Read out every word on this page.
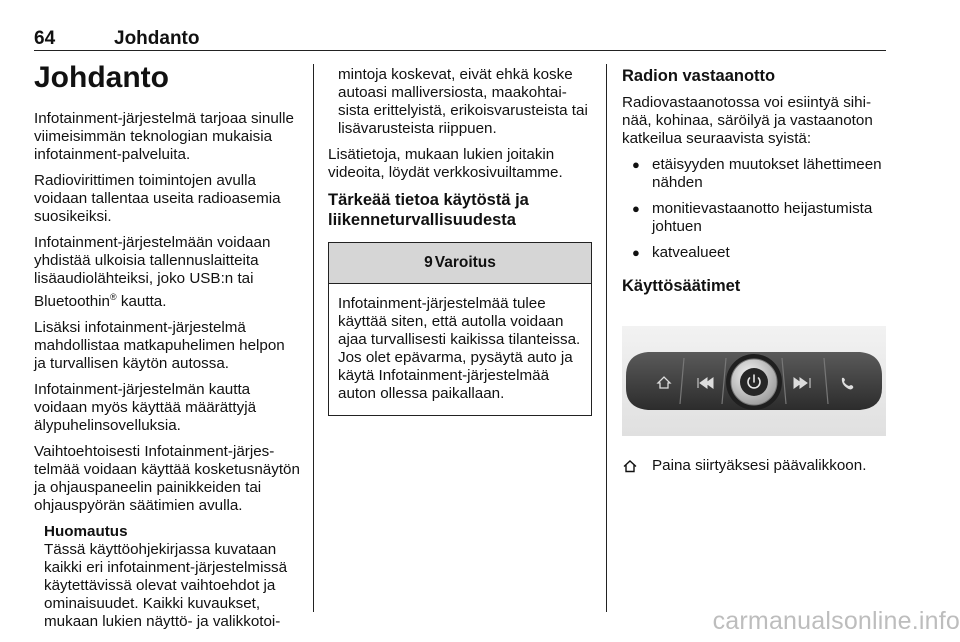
64	Johdanto
Johdanto

Infotainment-järjestelmä tarjoaa sinulle viimeisimmän teknologian mukaisia infotainment-palveluita.

Radiovirittimen toimintojen avulla voidaan tallentaa useita radioasemia suosikeiksi.

Infotainment-järjestelmään voidaan yhdistää ulkoisia tallennuslaitteita lisäaudiolähteiksi, joko USB:n tai Bluetoothin® kautta.

Lisäksi infotainment-järjestelmä mahdollistaa matkapuhelimen helpon ja turvallisen käytön autossa.

Infotainment-järjestelmän kautta voidaan myös käyttää määrättyjä älypuhelinsovelluksia.

Vaihtoehtoisesti Infotainment-järjestelmää voidaan käyttää kosketusnäytön ja ohjauspaneelin painikkeiden tai ohjauspyörän säätimien avulla.

Huomautus
Tässä käyttöohjekirjassa kuvataan kaikki eri infotainment-järjestelmissä käytettävissä olevat vaihtoehdot ja ominaisuudet. Kaikki kuvaukset, mukaan lukien näyttö- ja valikkotoi-

mintoja koskevat, eivät ehkä koske autoasi malliversiosta, maakohtaisista erittelyistä, erikoisvarusteista tai lisävarusteista riippuen.

Lisätietoja, mukaan lukien joitakin videoita, löydät verkkosivuiltamme.

Tärkeää tietoa käytöstä ja liikenneturvallisuudesta
9 Varoitus
Infotainment-järjestelmää tulee käyttää siten, että autolla voidaan ajaa turvallisesti kaikissa tilanteissa. Jos olet epävarma, pysäytä auto ja käytä Infotainment-järjestelmää auton ollessa paikallaan.
Radion vastaanotto

Radiovastaanotossa voi esiintyä sihinää, kohinaa, säröilyä ja vastaanoton katkeilua seuraavista syistä:

● etäisyyden muutokset lähettimeen nähden
● monitievastaanotto heijastumista johtuen
● katvealueet
Käyttösäätimet
Paina siirtyäksesi päävalikkoon.
carmanualsonline.info
